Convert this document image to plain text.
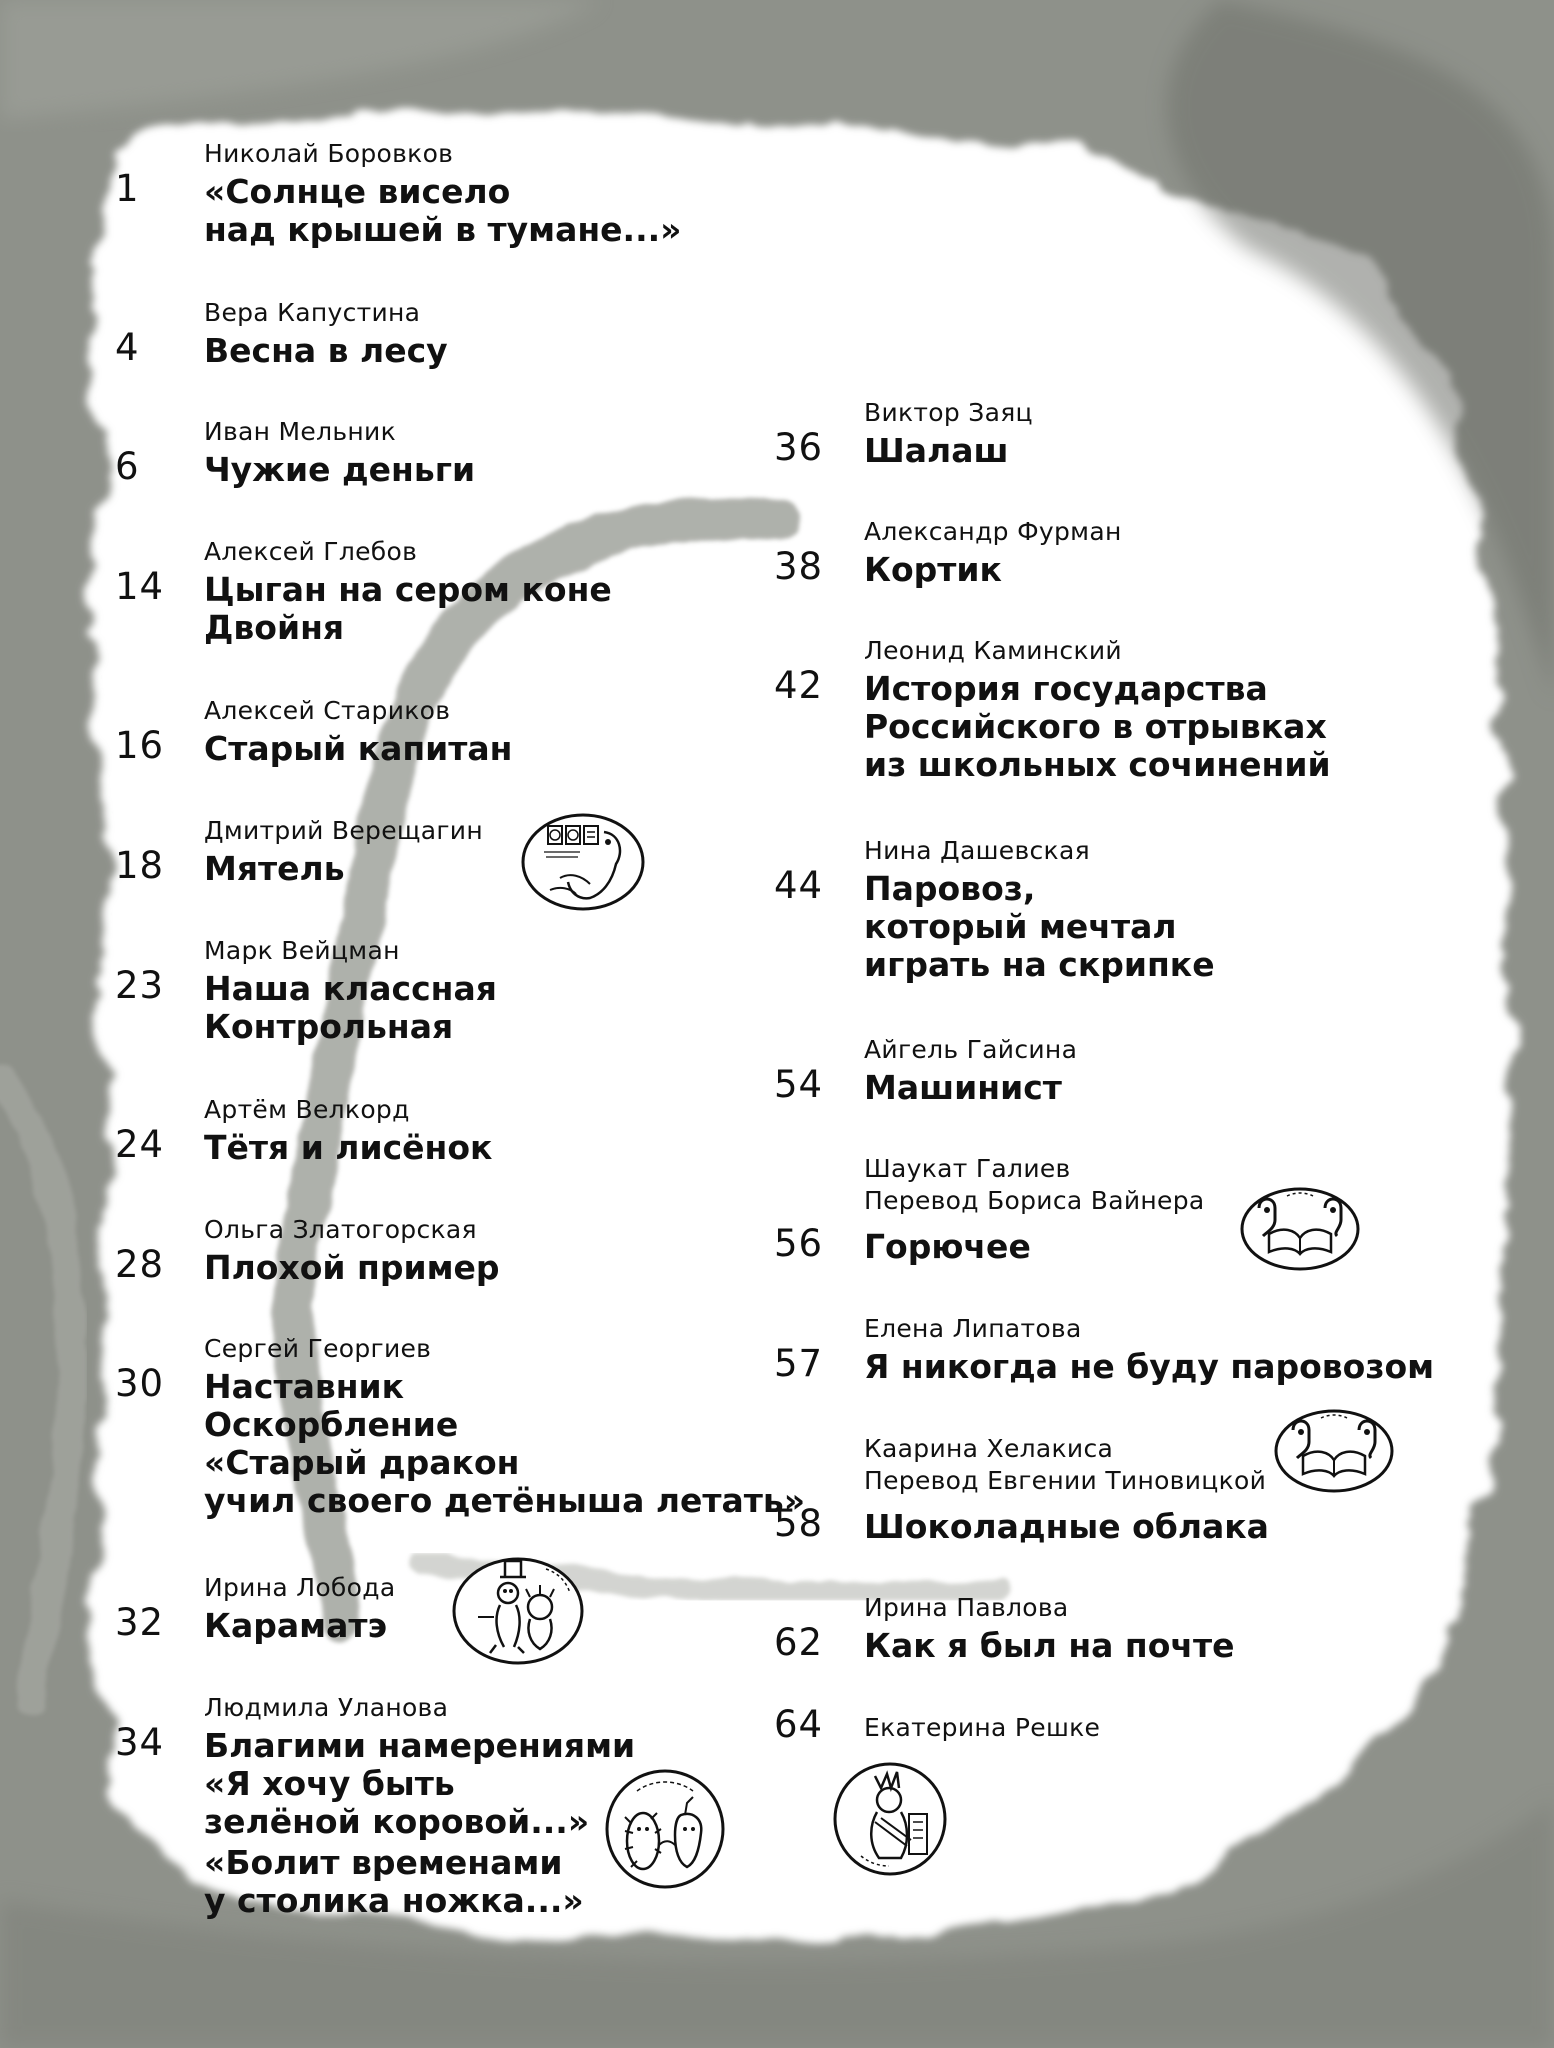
Николай Боровков
1 «Солнце висело
над крышей в тумане...»
Вера Капустина
4 Весна в лесу
Иван Мельник
6 Чужие деньги
Алексей Глебов
14 Цыган на сером коне
Двойня
Алексей Стариков
16 Старый капитан
Дмитрий Верещагин
18 Мятель
Марк Вейцман
23 Наша классная
Контрольная
Артём Велкорд
24 Тётя и лисёнок
Ольга Златогорская
28 Плохой пример
Сергей Георгиев
30 Наставник
Оскорбление
«Старый дракон
учил своего детёныша летать»
Ирина Лобода
32 Караматэ
Людмила Уланова
34 Благими намерениями
«Я хочу быть
зелёной коровой...»
«Болит временами
у столика ножка...»
Виктор Заяц
36 Шалаш
Александр Фурман
38 Кортик
Леонид Каминский
42 История государства
Российского в отрывках
из школьных сочинений
Нина Дашевская
44 Паровоз,
который мечтал
играть на скрипке
Айгель Гайсина
54 Машинист
Шаукат Галиев
Перевод Бориса Вайнера
56 Горючее
Елена Липатова
57 Я никогда не буду паровозом
Каарина Хелакиса
Перевод Евгении Тиновицкой
58 Шоколадные облака
Ирина Павлова
62 Как я был на почте
Екатерина Решке
64
